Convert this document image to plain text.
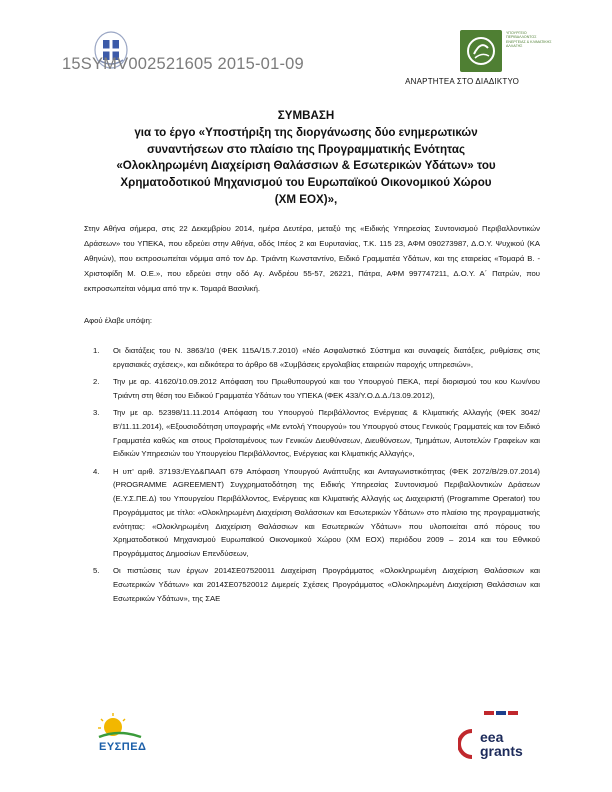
15SYMV002521605 2015-01-09
ΥΠΟΥΡΓΕΙΟ ΠΕΡΙΒΑΛΛΟΝΤΟΣ ΕΝΕΡΓΕΙΑΣ & ΚΛΙΜΑΤΙΚΗΣ ΑΛΛΑΓΗΣ
ΑΝΑΡΤΗΤΕΑ ΣΤΟ ΔΙΑΔΙΚΤΥΟ
ΣΥΜΒΑΣΗ
για το έργο «Υποστήριξη της διοργάνωσης δύο ενημερωτικών
συναντήσεων στο πλαίσιο της Προγραμματικής Ενότητας
«Ολοκληρωμένη Διαχείριση Θαλάσσιων & Εσωτερικών Υδάτων» του
Χρηματοδοτικού Μηχανισμού του Ευρωπαϊκού Οικονομικού Χώρου
(ΧΜ ΕΟΧ)»,
Στην Αθήνα σήμερα, στις 22 Δεκεμβρίου 2014, ημέρα Δευτέρα, μεταξύ της «Ειδικής Υπηρεσίας Συντονισμού Περιβαλλοντικών Δράσεων» του ΥΠΕΚΑ, που εδρεύει στην Αθήνα, οδός Ιπέος 2 και Ευρυτανίας, Τ.Κ. 115 23, ΑΦΜ 090273987, Δ.Ο.Υ. Ψυχικού (ΚΑ Αθηνών), που εκπροσωπείται νόμιμα από τον Δρ. Τριάντη Κωνσταντίνο, Ειδικό Γραμματέα Υδάτων, και της εταιρείας «Τομαρά Β. - Χριστοφίδη Μ. Ο.Ε.», που εδρεύει στην οδό Αγ. Ανδρέου 55-57, 26221, Πάτρα, ΑΦΜ 997747211, Δ.Ο.Υ. Α΄ Πατρών, που εκπροσωπείται νόμιμα από την κ. Τομαρά Βασιλική.
Αφού έλαβε υπόψη:
1. Οι διατάξεις του Ν. 3863/10 (ΦΕΚ 115Α/15.7.2010) «Νέο Ασφαλιστικό Σύστημα και συναφείς διατάξεις, ρυθμίσεις στις εργασιακές σχέσεις», και ειδικότερα το άρθρο 68 «Συμβάσεις εργολαβίας εταιρειών παροχής υπηρεσιών»,
2. Την με αρ. 41620/10.09.2012 Απόφαση του Πρωθυπουργού και του Υπουργού ΠΕΚΑ, περί διορισμού του κου Κων/νου Τριάντη στη θέση του Ειδικού Γραμματέα Υδάτων του ΥΠΕΚΑ (ΦΕΚ 433/Υ.Ο.Δ.Δ./13.09.2012),
3. Την με αρ. 52398/11.11.2014 Απόφαση του Υπουργού Περιβάλλοντος Ενέργειας & Κλιματικής Αλλαγής (ΦΕΚ 3042/Β'/11.11.2014), «Εξουσιοδότηση υπογραφής «Με εντολή Υπουργού» του Υπουργού στους Γενικούς Γραμματείς και τον Ειδικό Γραμματέα καθώς και στους Προϊσταμένους των Γενικών Διευθύνσεων, Διευθύνσεων, Τμημάτων, Αυτοτελών Γραφείων και Ειδικών Υπηρεσιών του Υπουργείου Περιβάλλοντος, Ενέργειας και Κλιματικής Αλλαγής»,
4. Η υπ' αριθ. 37193:/ΕΥΔ&ΠΑΑΠ 679 Απόφαση Υπουργού Ανάπτυξης και Ανταγωνιστικότητας (ΦΕΚ 2072/Β/29.07.2014) (PROGRAMME AGREEMENT) Συγχρηματοδότηση της Ειδικής Υπηρεσίας Συντονισμού Περιβαλλοντικών Δράσεων (Ε.Υ.Σ.ΠΕ.Δ) του Υπουργείου Περιβάλλοντος, Ενέργειας και Κλιματικής Αλλαγής ως Διαχειριστή (Programme Operator) του Προγράμματος με τίτλο: «Ολοκληρωμένη Διαχείριση Θαλάσσιων και Εσωτερικών Υδάτων» στο πλαίσιο της προγραμματικής ενότητας: «Ολοκληρωμένη Διαχείριση Θαλάσσιων και Εσωτερικών Υδάτων» που υλοποιείται από πόρους του Χρηματοδοτικού Μηχανισμού Ευρωπαϊκού Οικονομικού Χώρου (ΧΜ ΕΟΧ) περιόδου 2009 – 2014 και του Εθνικού Προγράμματος Δημοσίων Επενδύσεων,
5. Οι πιστώσεις των έργων 2014ΣΕ07520011 Διαχείριση Προγράμματος «Ολοκληρωμένη Διαχείριση Θαλάσσιων και Εσωτερικών Υδάτων» και 2014ΣΕ07520012 Διμερείς Σχέσεις Προγράμματος «Ολοκληρωμένη Διαχείριση Θαλάσσιων και Εσωτερικών Υδάτων», της ΣΑΕ
ΕΥΣΠΕΔ
eea
grants
